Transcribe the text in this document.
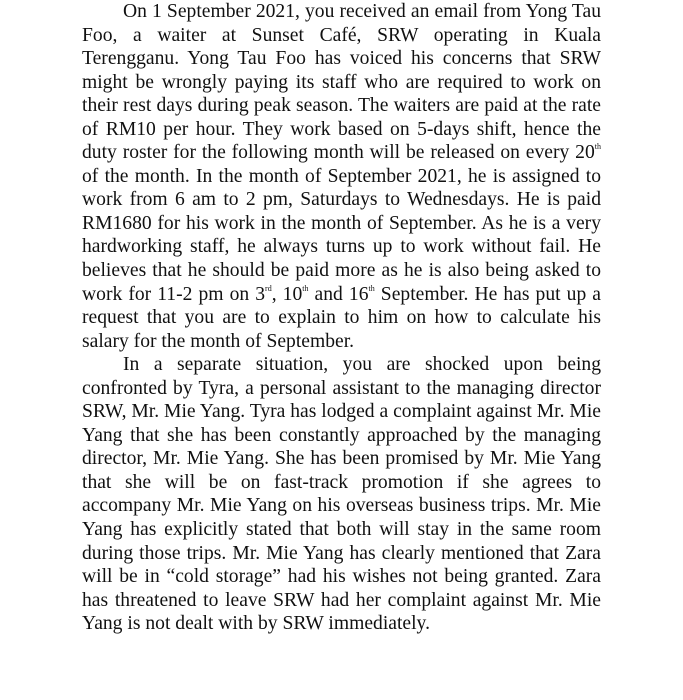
On 1 September 2021, you received an email from Yong Tau Foo, a waiter at Sunset Café, SRW operating in Kuala Terengganu. Yong Tau Foo has voiced his concerns that SRW might be wrongly paying its staff who are required to work on their rest days during peak season. The waiters are paid at the rate of RM10 per hour. They work based on 5-days shift, hence the duty roster for the following month will be released on every 20th of the month. In the month of September 2021, he is assigned to work from 6 am to 2 pm, Saturdays to Wednesdays. He is paid RM1680 for his work in the month of September. As he is a very hardworking staff, he always turns up to work without fail. He believes that he should be paid more as he is also being asked to work for 11-2 pm on 3rd, 10th and 16th September. He has put up a request that you are to explain to him on how to calculate his salary for the month of September.

In a separate situation, you are shocked upon being confronted by Tyra, a personal assistant to the managing director SRW, Mr. Mie Yang. Tyra has lodged a complaint against Mr. Mie Yang that she has been constantly approached by the managing director, Mr. Mie Yang. She has been promised by Mr. Mie Yang that she will be on fast-track promotion if she agrees to accompany Mr. Mie Yang on his overseas business trips. Mr. Mie Yang has explicitly stated that both will stay in the same room during those trips. Mr. Mie Yang has clearly mentioned that Zara will be in “cold storage” had his wishes not being granted. Zara has threatened to leave SRW had her complaint against Mr. Mie Yang is not dealt with by SRW immediately.
